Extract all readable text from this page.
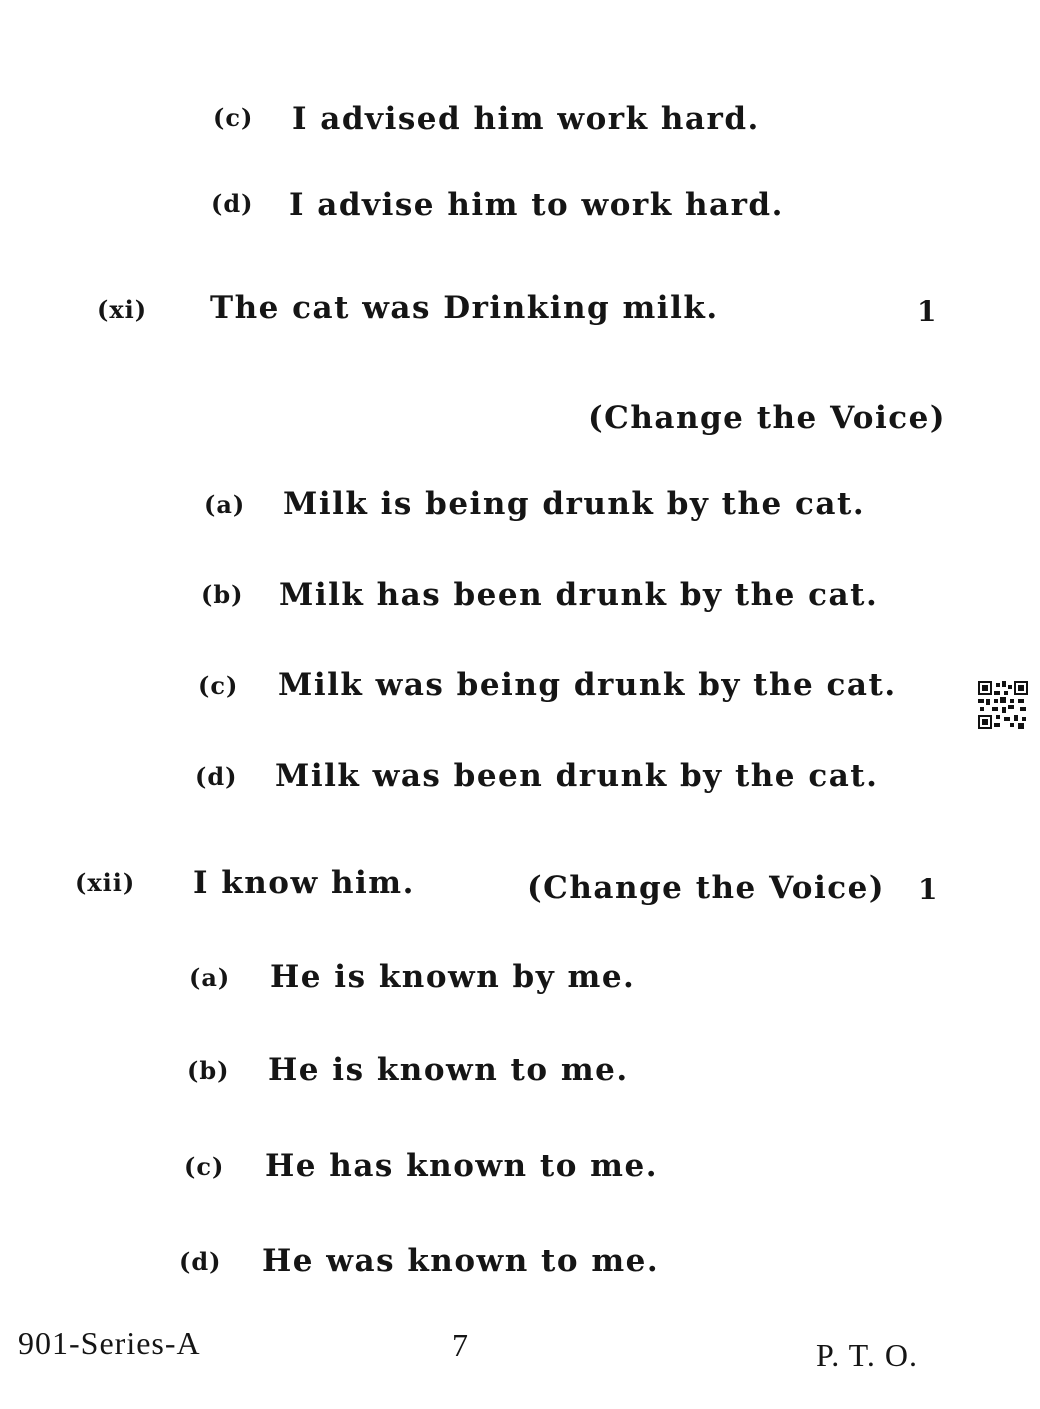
(c) I advised him work hard.
(d) I advise him to work hard.
(xi) The cat was Drinking milk.	1
(Change the Voice)
(a) Milk is being drunk by the cat.
(b) Milk has been drunk by the cat.
(c) Milk was being drunk by the cat.
(d) Milk was been drunk by the cat.
(xii) I know him.	(Change the Voice) 1
(a) He is known by me.
(b) He is known to me.
(c) He has known to me.
(d) He was known to me.
901-Series-A	7	P. T. O.
